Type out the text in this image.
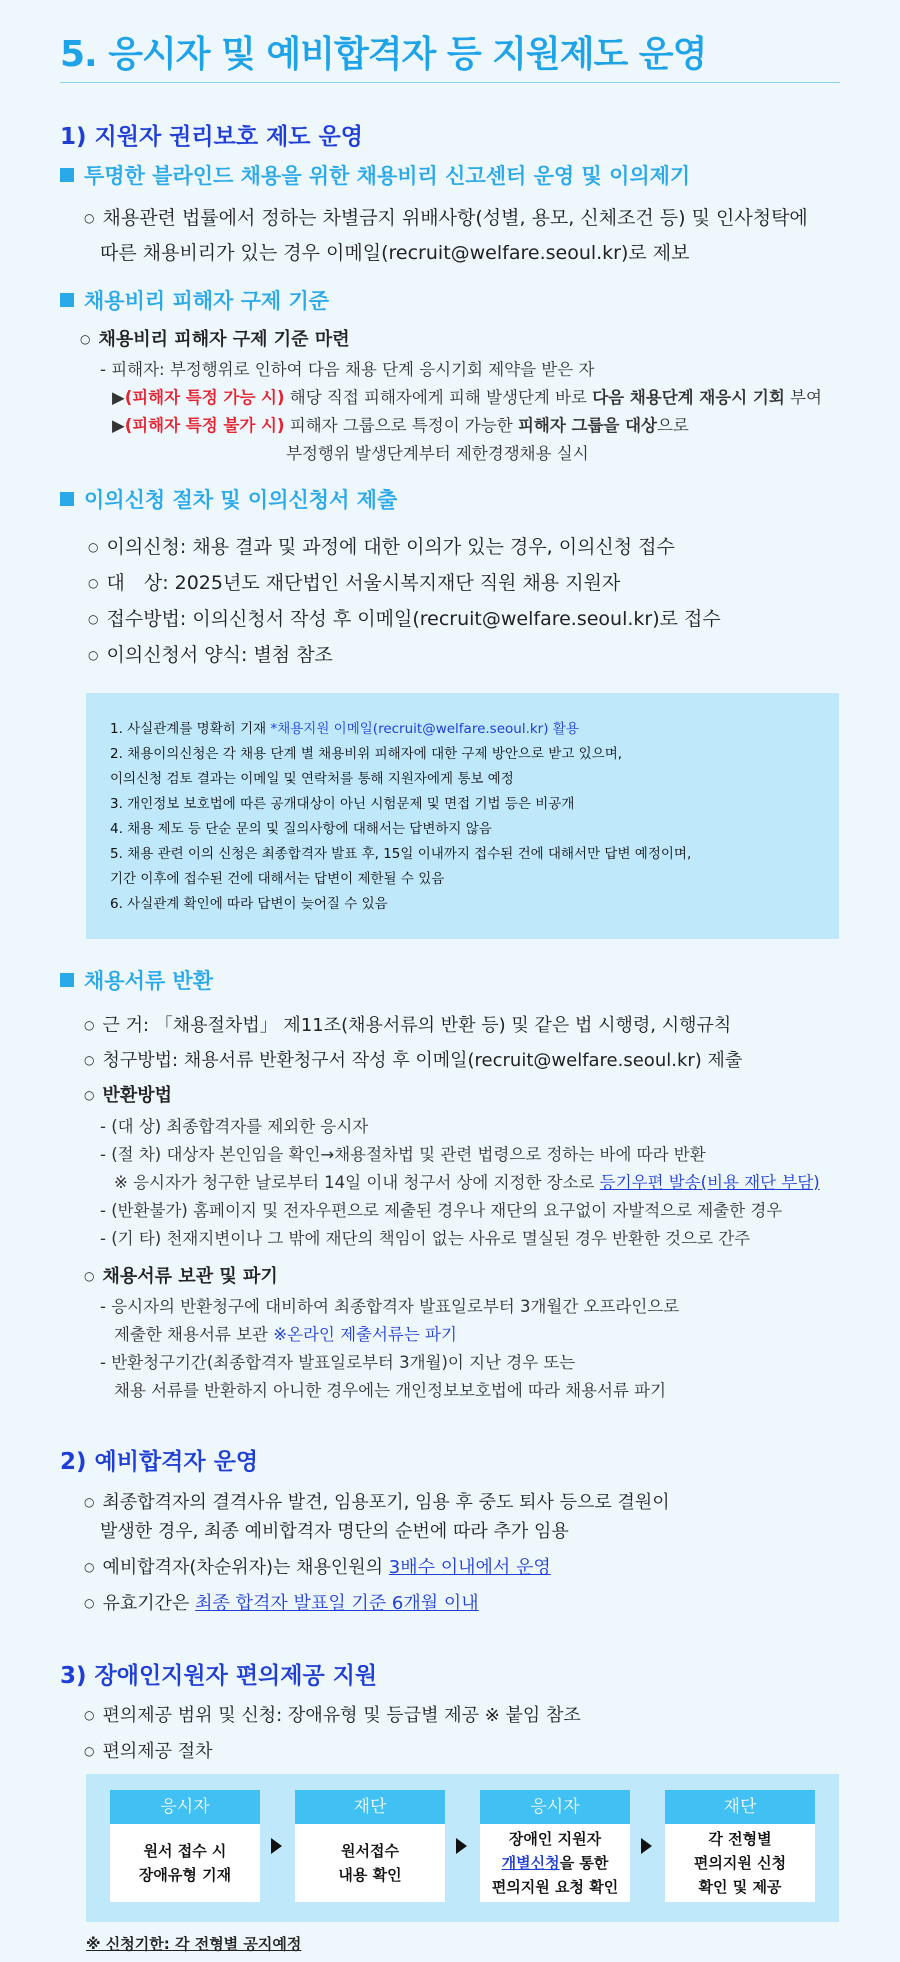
5. 응시자 및 예비합격자 등 지원제도 운영
1) 지원자 권리보호 제도 운영
투명한 블라인드 채용을 위한 채용비리 신고센터 운영 및 이의제기
○ 채용관련 법률에서 정하는 차별금지 위배사항(성별, 용모, 신체조건 등) 및 인사청탁에
따른 채용비리가 있는 경우 이메일(recruit@welfare.seoul.kr)로 제보
채용비리 피해자 구제 기준
○ 채용비리 피해자 구제 기준 마련
- 피해자: 부정행위로 인하여 다음 채용 단계 응시기회 제약을 받은 자
▶(피해자 특정 가능 시) 해당 직접 피해자에게 피해 발생단계 바로 다음 채용단계 재응시 기회 부여
▶(피해자 특정 불가 시) 피해자 그룹으로 특정이 가능한 피해자 그룹을 대상으로
부정행위 발생단계부터 제한경쟁채용 실시
이의신청 절차 및 이의신청서 제출
○ 이의신청: 채용 결과 및 과정에 대한 이의가 있는 경우, 이의신청 접수
○ 대　상: 2025년도 재단법인 서울시복지재단 직원 채용 지원자
○ 접수방법: 이의신청서 작성 후 이메일(recruit@welfare.seoul.kr)로 접수
○ 이의신청서 양식: 별첨 참조
1. 사실관계를 명확히 기재 *채용지원 이메일(recruit@welfare.seoul.kr) 활용
2. 채용이의신청은 각 채용 단계 별 채용비위 피해자에 대한 구제 방안으로 받고 있으며,
이의신청 검토 결과는 이메일 및 연락처를 통해 지원자에게 통보 예정
3. 개인정보 보호법에 따른 공개대상이 아닌 시험문제 및 면접 기법 등은 비공개
4. 채용 제도 등 단순 문의 및 질의사항에 대해서는 답변하지 않음
5. 채용 관련 이의 신청은 최종합격자 발표 후, 15일 이내까지 접수된 건에 대해서만 답변 예정이며,
기간 이후에 접수된 건에 대해서는 답변이 제한될 수 있음
6. 사실관계 확인에 따라 답변이 늦어질 수 있음
채용서류 반환
○ 근 거: 「채용절차법」 제11조(채용서류의 반환 등) 및 같은 법 시행령, 시행규칙
○ 청구방법: 채용서류 반환청구서 작성 후 이메일(recruit@welfare.seoul.kr) 제출
○ 반환방법
- (대 상) 최종합격자를 제외한 응시자
- (절 차) 대상자 본인임을 확인→채용절차법 및 관련 법령으로 정하는 바에 따라 반환
※ 응시자가 청구한 날로부터 14일 이내 청구서 상에 지정한 장소로 등기우편 발송(비용 재단 부담)
- (반환불가) 홈페이지 및 전자우편으로 제출된 경우나 재단의 요구없이 자발적으로 제출한 경우
- (기 타) 천재지변이나 그 밖에 재단의 책임이 없는 사유로 멸실된 경우 반환한 것으로 간주
○ 채용서류 보관 및 파기
- 응시자의 반환청구에 대비하여 최종합격자 발표일로부터 3개월간 오프라인으로
제출한 채용서류 보관 ※온라인 제출서류는 파기
- 반환청구기간(최종합격자 발표일로부터 3개월)이 지난 경우 또는
채용 서류를 반환하지 아니한 경우에는 개인정보보호법에 따라 채용서류 파기
2) 예비합격자 운영
○ 최종합격자의 결격사유 발견, 임용포기, 임용 후 중도 퇴사 등으로 결원이
발생한 경우, 최종 예비합격자 명단의 순번에 따라 추가 임용
○ 예비합격자(차순위자)는 채용인원의 3배수 이내에서 운영
○ 유효기간은 최종 합격자 발표일 기준 6개월 이내
3) 장애인지원자 편의제공 지원
○ 편의제공 범위 및 신청: 장애유형 및 등급별 제공 ※ 붙임 참조
○ 편의제공 절차
응시자
원서 접수 시
장애유형 기재
재단
원서접수
내용 확인
응시자
장애인 지원자
개별신청을 통한
편의지원 요청 확인
재단
각 전형별
편의지원 신청
확인 및 제공
※ 신청기한: 각 전형별 공지예정
